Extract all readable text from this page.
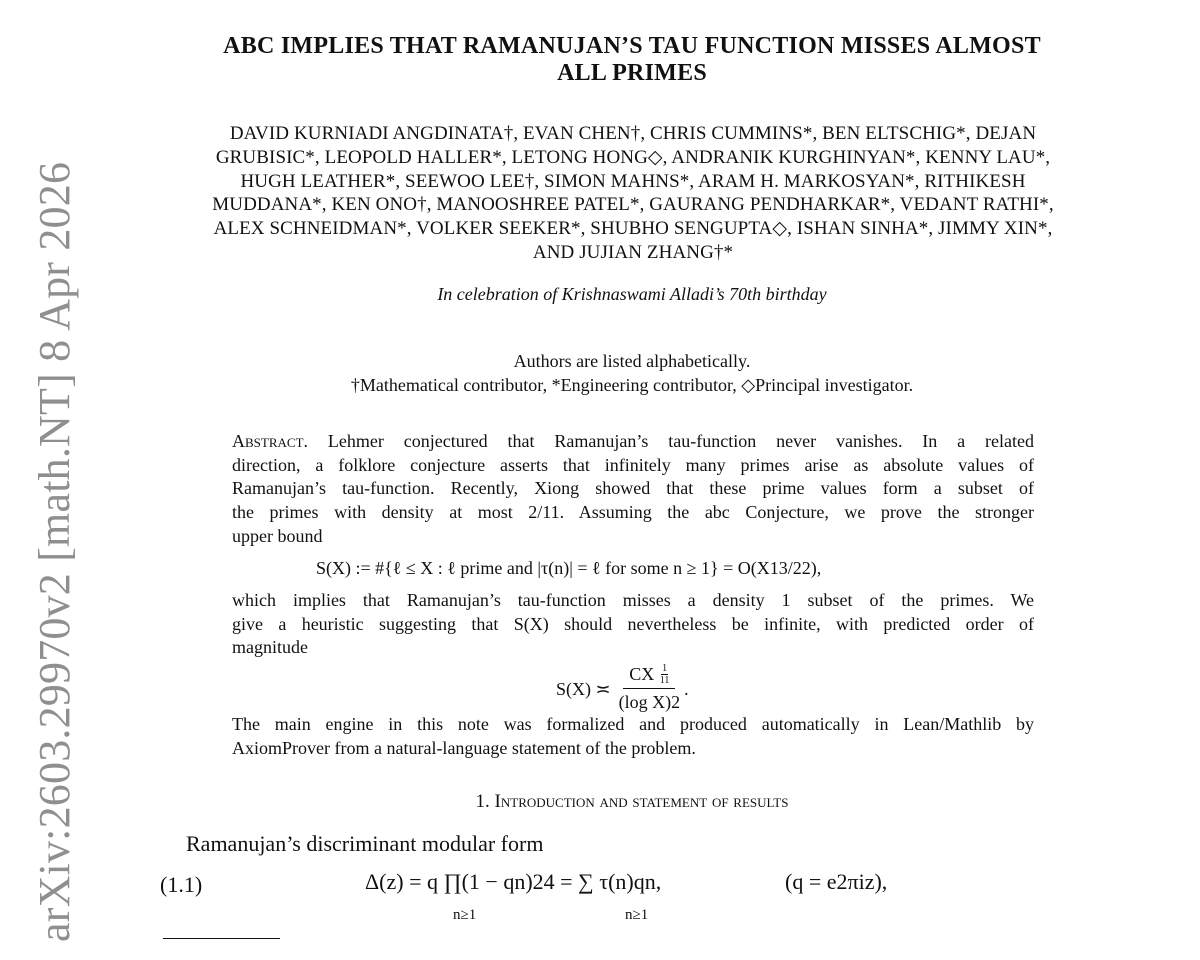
arXiv:2603.29970v2 [math.NT] 8 Apr 2026
ABC IMPLIES THAT RAMANUJAN’S TAU FUNCTION MISSES ALMOST
ALL PRIMES
DAVID KURNIADI ANGDINATA†, EVAN CHEN†, CHRIS CUMMINS*, BEN ELTSCHIG*, DEJAN
GRUBISIC*, LEOPOLD HALLER*, LETONG HONG◇, ANDRANIK KURGHINYAN*, KENNY LAU*,
HUGH LEATHER*, SEEWOO LEE†, SIMON MAHNS*, ARAM H. MARKOSYAN*, RITHIKESH
MUDDANA*, KEN ONO†, MANOOSHREE PATEL*, GAURANG PENDHARKAR*, VEDANT RATHI*,
ALEX SCHNEIDMAN*, VOLKER SEEKER*, SHUBHO SENGUPTA◇, ISHAN SINHA*, JIMMY XIN*,
AND JUJIAN ZHANG†*
In celebration of Krishnaswami Alladi’s 70th birthday
Authors are listed alphabetically.
†Mathematical contributor, *Engineering contributor, ◇Principal investigator.
Abstract. Lehmer conjectured that Ramanujan’s tau-function never vanishes. In a related
direction, a folklore conjecture asserts that infinitely many primes arise as absolute values of
Ramanujan’s tau-function. Recently, Xiong showed that these prime values form a subset of
the primes with density at most 2/11. Assuming the abc Conjecture, we prove the stronger
upper bound
S(X) := #{ℓ ≤ X : ℓ prime and |τ(n)| = ℓ for some n ≥ 1} = O(X13/22),
which implies that Ramanujan’s tau-function misses a density 1 subset of the primes. We
give a heuristic suggesting that S(X) should nevertheless be infinite, with predicted order of
magnitude
S(X) ≍ $\frac{CX \frac{1}{11}}{\text{(log X)2}}$ .
The main engine in this note was formalized and produced automatically in Lean/Mathlib by
AxiomProver from a natural-language statement of the problem.
1. Introduction and statement of results
Ramanujan’s discriminant modular form
(1.1)	Δ(z) = q ∏(1 − qn)24 = ∑ τ(n)qn,	(q = e2πiz),
n≥1	n≥1
